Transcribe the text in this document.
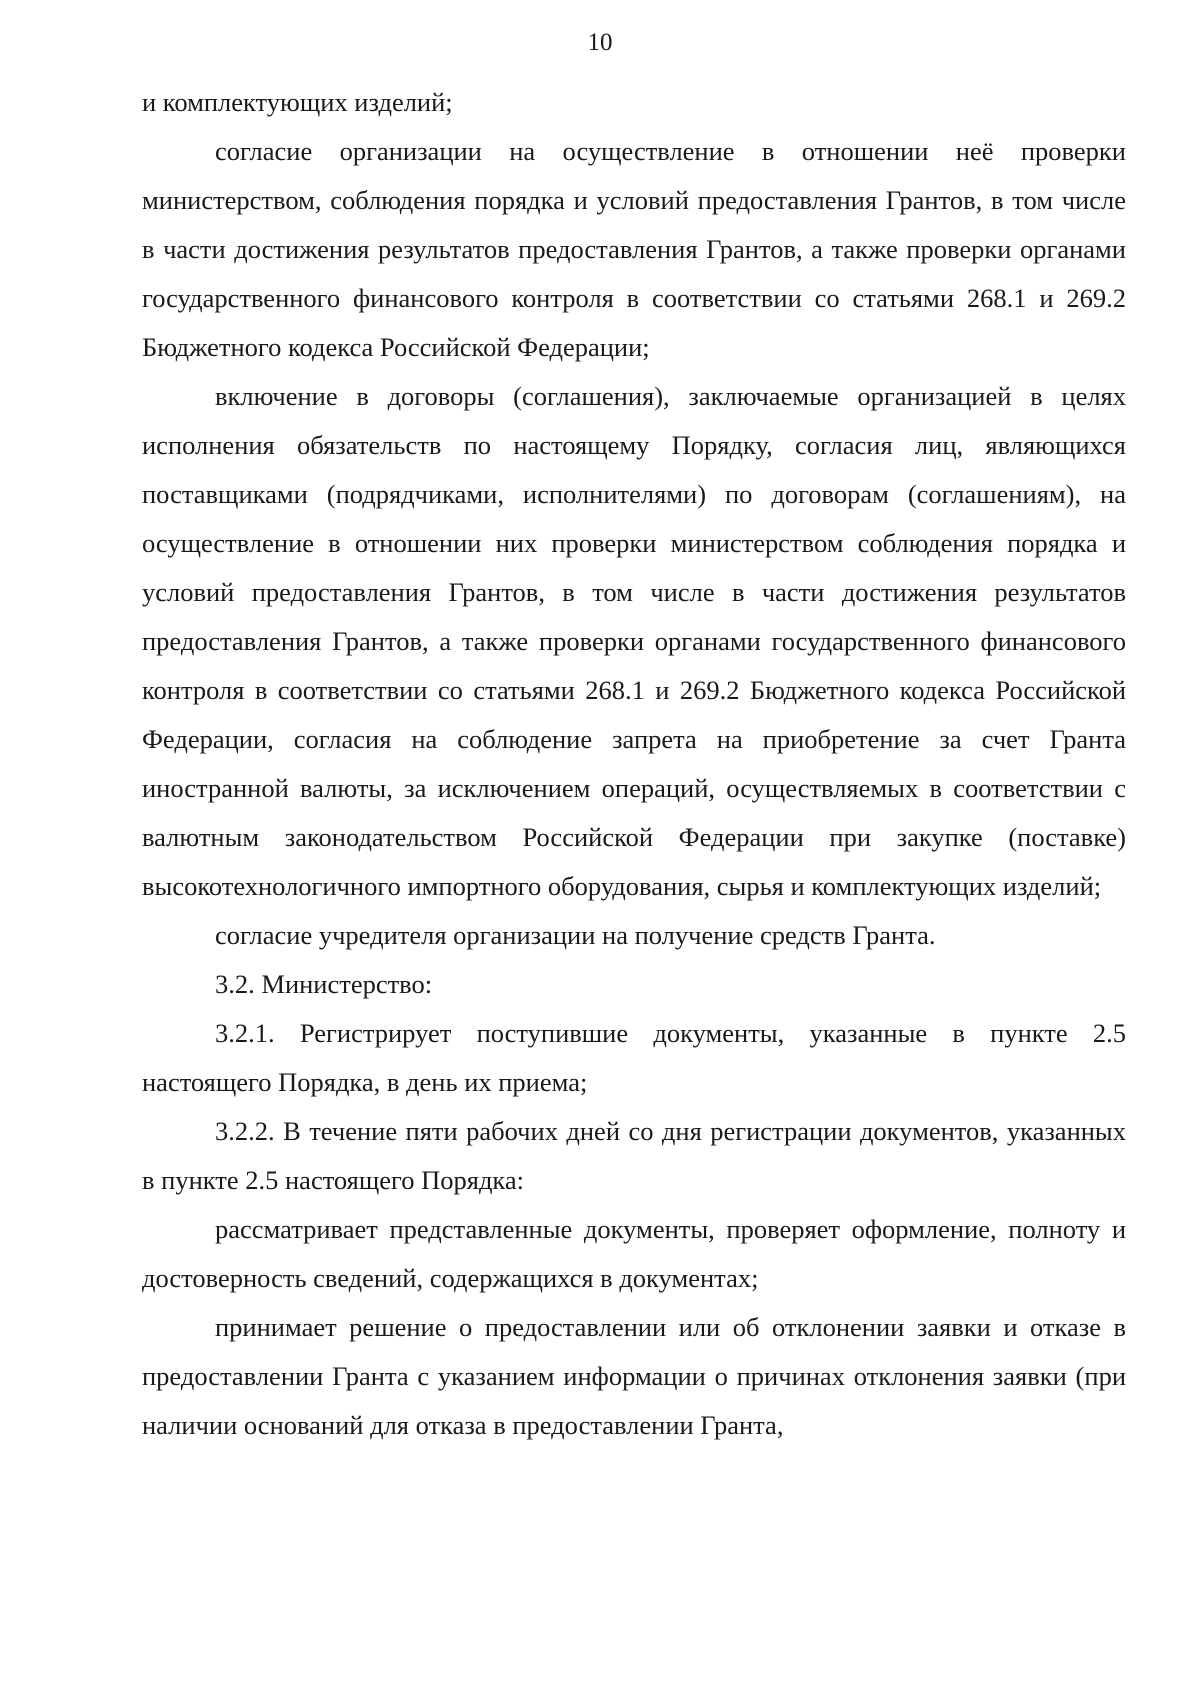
10

и комплектующих изделий;

согласие организации на осуществление в отношении неё проверки министерством, соблюдения порядка и условий предоставления Грантов, в том числе в части достижения результатов предоставления Грантов, а также проверки органами государственного финансового контроля в соответствии со статьями 268.1 и 269.2 Бюджетного кодекса Российской Федерации;

включение в договоры (соглашения), заключаемые организацией в целях исполнения обязательств по настоящему Порядку, согласия лиц, являющихся поставщиками (подрядчиками, исполнителями) по договорам (соглашениям), на осуществление в отношении них проверки министерством соблюдения порядка и условий предоставления Грантов, в том числе в части достижения результатов предоставления Грантов, а также проверки органами государственного финансового контроля в соответствии со статьями 268.1 и 269.2 Бюджетного кодекса Российской Федерации, согласия на соблюдение запрета на приобретение за счет Гранта иностранной валюты, за исключением операций, осуществляемых в соответствии с валютным законодательством Российской Федерации при закупке (поставке) высокотехнологичного импортного оборудования, сырья и комплектующих изделий;

согласие учредителя организации на получение средств Гранта.

3.2. Министерство:

3.2.1. Регистрирует поступившие документы, указанные в пункте 2.5 настоящего Порядка, в день их приема;

3.2.2. В течение пяти рабочих дней со дня регистрации документов, указанных в пункте 2.5 настоящего Порядка:

рассматривает представленные документы, проверяет оформление, полноту и достоверность сведений, содержащихся в документах;

принимает решение о предоставлении или об отклонении заявки и отказе в предоставлении Гранта с указанием информации о причинах отклонения заявки (при наличии оснований для отказа в предоставлении Гранта,
